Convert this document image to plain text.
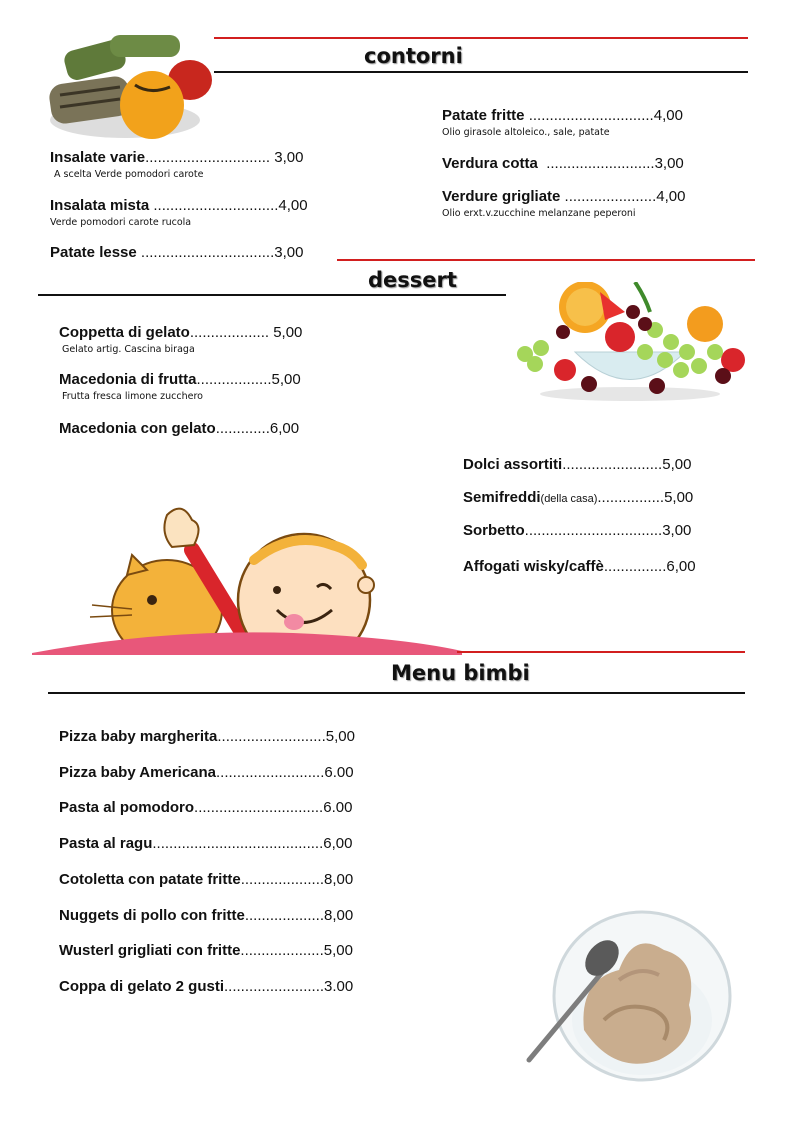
contorni
Insalate varie.............................. 3,00
A scelta Verde pomodori carote
Insalata mista ..............................4,00
Verde pomodori carote rucola
Patate lesse ................................3,00
Patate fritte ..............................4,00
Olio girasole altoleico., sale, patate
Verdura cotta ..........................3,00
Verdure grigliate ......................4,00
Olio erxt.v.zucchine melanzane peperoni
dessert
Coppetta di gelato................... 5,00
Gelato artig. Cascina biraga
Macedonia di frutta..................5,00
Frutta fresca limone zucchero
Macedonia con gelato.............6,00
Dolci assortiti........................5,00
Semifreddi(della casa)................5,00
Sorbetto.................................3,00
Affogati wisky/caffè...............6,00
Menu bimbi
Pizza baby margherita..........................5,00
Pizza baby Americana..........................6.00
Pasta al pomodoro...............................6.00
Pasta al ragu.........................................6,00
Cotoletta con patate fritte....................8,00
Nuggets di pollo con fritte...................8,00
Wusterl grigliati con fritte....................5,00
Coppa di gelato 2 gusti........................3.00
